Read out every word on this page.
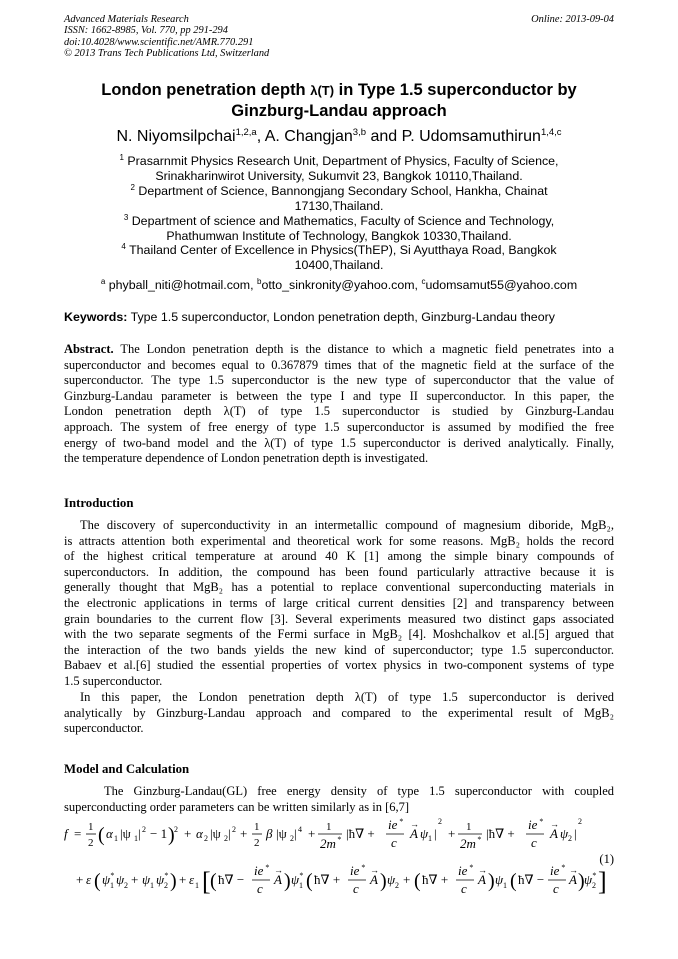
Advanced Materials Research
ISSN: 1662-8985, Vol. 770, pp 291-294
doi:10.4028/www.scientific.net/AMR.770.291
© 2013 Trans Tech Publications Ltd, Switzerland
Online: 2013-09-04
London penetration depth λ(T) in Type 1.5 superconductor by
Ginzburg-Landau approach
N. Niyomsilpchai$^{1,2,a}$, A. Changjan$^{3,b}$ and P. Udomsamuthirun$^{1,4,c}$
$^1$ Prasarnmit Physics Research Unit, Department of Physics, Faculty of Science,
Srinakharinwirot University, Sukumvit 23, Bangkok 10110,Thailand.
$^2$ Department of Science, Bannongjang Secondary School, Hankha, Chainat
17130,Thailand.
$^3$ Department of science and Mathematics, Faculty of Science and Technology,
Phathumwan Institute of Technology, Bangkok 10330,Thailand.
$^4$ Thailand Center of Excellence in Physics(ThEP), Si Ayutthaya Road, Bangkok
10400,Thailand.
$^a$ phyball_niti@hotmail.com, $^b$otto_sinkronity@yahoo.com, $^c$udomsamut55@yahoo.com
Keywords: Type 1.5 superconductor, London penetration depth, Ginzburg-Landau theory
Abstract. The London penetration depth is the distance to which a magnetic field penetrates into a
superconductor and becomes equal to 0.367879 times that of the magnetic field at the surface of the
superconductor. The type 1.5 superconductor is the new type of superconductor that the value of
Ginzburg-Landau parameter is between the type I and type II superconductor. In this paper, the
London penetration depth λ(T) of type 1.5 superconductor is studied by Ginzburg-Landau
approach. The system of free energy of type 1.5 superconductor is assumed by modified the free
energy of two-band model and the λ(T) of type 1.5 superconductor is derived analytically. Finally,
the temperature dependence of London penetration depth is investigated.
Introduction
The discovery of superconductivity in an intermetallic compound of magnesium diboride, MgB₂,
is attracts attention both experimental and theoretical work for some reasons. MgB₂ holds the record
of the highest critical temperature at around 40 K [1] among the simple binary compounds of
superconductors. In addition, the compound has been found particularly attractive because it is
generally thought that MgB₂ has a potential to replace conventional superconducting materials in
the electronic applications in terms of large critical current densities [2] and transparency between
grain boundaries to the current flow [3]. Several experiments measured two distinct gaps associated
with the two separate segments of the Fermi surface in MgB₂ [4]. Moshchalkov et al.[5] argued that
the interaction of the two bands yields the new kind of superconductor; type 1.5 superconductor.
Babaev et al.[6] studied the essential properties of vortex physics in two-component systems of type
1.5 superconductor.
In this paper, the London penetration depth λ(T) of type 1.5 superconductor is derived
analytically by Ginzburg-Landau approach and compared to the experimental result of MgB₂
superconductor.
Model and Calculation
The Ginzburg-Landau(GL) free energy density of type 1.5 superconductor with coupled
superconducting order parameters can be written similarly as in [6,7]
f = 1
2 ( α 1 |ψ 1 | 2 − 1 ) 2 + α 2 |ψ 2 | 2 + 1
2
β |ψ 2 | 4 + 1
2m * |ħ∇ +
ie *
c
A
→
ψ 1 |
2
+ 1
2m * |ħ∇ +
ie *
c
A
→
ψ 2 |
2
+ ε ( ψ *
1 ψ 2 + ψ 1 ψ *
2 ) + ε 1 [ ( ħ∇ −
ie *
c
A
→ ) ψ *
1 ( ħ∇ +
ie *
c
A
→ ) ψ 2 + ( ħ∇ +
ie *
c
A
→ ) ψ 1 ( ħ∇ −
ie *
c
A
→ ) ψ *
2 ]
(1)
